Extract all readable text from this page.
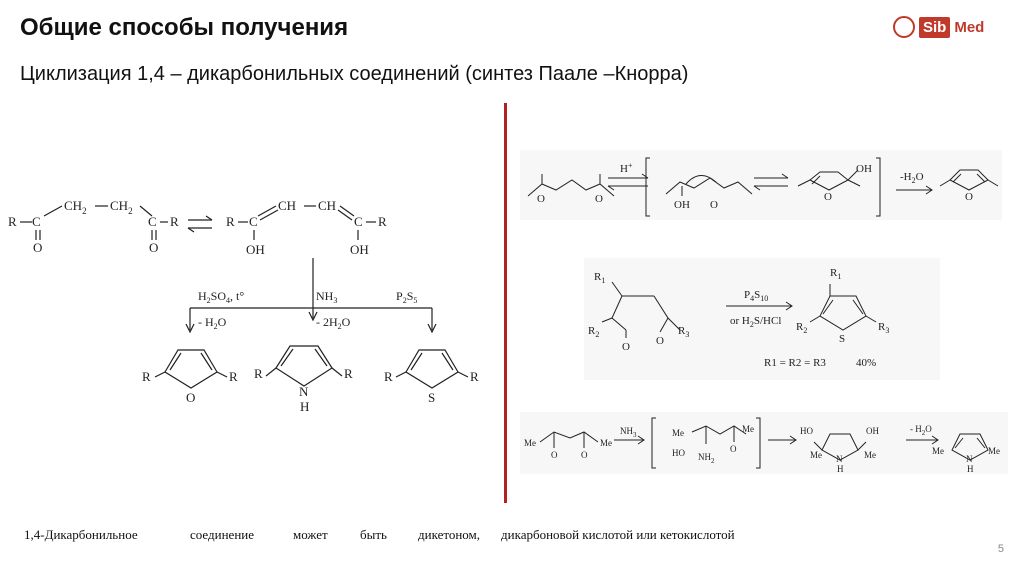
Общие способы получения
Циклизация 1,4 – дикарбонильных соединений (синтез Паале –Кнорра)
Sib Med
R C
O
$CH_2$ $CH_2$
C
O
R	R C
OH
CH CH
C
OH
R
$H_2SO_4$, t°
- $H_2O$
$NH_3$
- $2H_2O$
$P_2S_5$
R	R
O
R	R
N
H
R	R
S
O	O
H+
OH O
O
OH
$-H_2O$
O
$R_1$
$R_2$	$R_3$
O O
$P_4S_{10}$
or $H_2S$/HCl
$R_1$
$R_2$	$R_3$
S
R1 = R2 = R3	40%
Me	Me
O	O
$NH_3$	Me
HO $NH_2$
O
Me	HO	OH
Me	Me
N
H
- $H_2O$
Me	Me
N
H
1,4-Дикарбонильное	соединение	может быть дикетоном, дикарбоновой кислотой или кетокислотой
5
